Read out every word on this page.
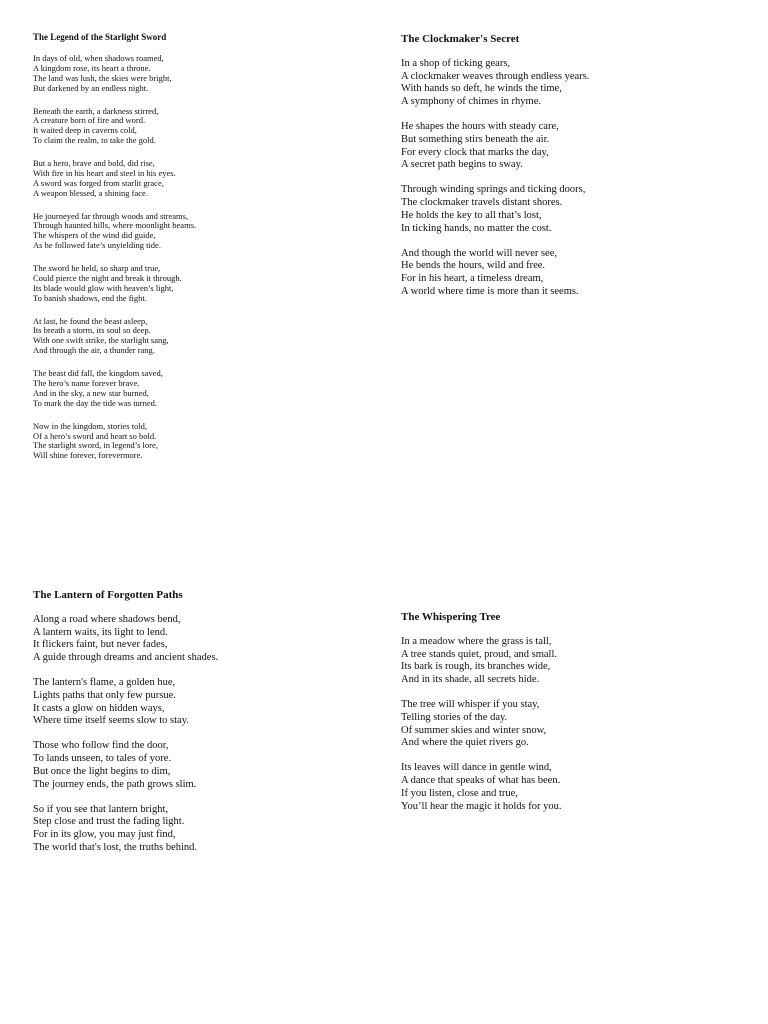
The Legend of the Starlight Sword

In days of old, when shadows roamed,
A kingdom rose, its heart a throne.
The land was lush, the skies were bright,
But darkened by an endless night.

Beneath the earth, a darkness stirred,
A creature born of fire and word.
It waited deep in caverns cold,
To claim the realm, to take the gold.

But a hero, brave and bold, did rise,
With fire in his heart and steel in his eyes.
A sword was forged from starlit grace,
A weapon blessed, a shining face.

He journeyed far through woods and streams,
Through haunted hills, where moonlight beams.
The whispers of the wind did guide,
As he followed fate’s unyielding tide.

The sword he held, so sharp and true,
Could pierce the night and break it through.
Its blade would glow with heaven’s light,
To banish shadows, end the fight.

At last, he found the beast asleep,
Its breath a storm, its soul so deep.
With one swift strike, the starlight sang,
And through the air, a thunder rang.

The beast did fall, the kingdom saved,
The hero’s name forever brave.
And in the sky, a new star burned,
To mark the day the tide was turned.

Now in the kingdom, stories told,
Of a hero’s sword and heart so bold.
The starlight sword, in legend’s lore,
Will shine forever, forevermore.

The Clockmaker's Secret

In a shop of ticking gears,
A clockmaker weaves through endless years.
With hands so deft, he winds the time,
A symphony of chimes in rhyme.

He shapes the hours with steady care,
But something stirs beneath the air.
For every clock that marks the day,
A secret path begins to sway.

Through winding springs and ticking doors,
The clockmaker travels distant shores.
He holds the key to all that’s lost,
In ticking hands, no matter the cost.

And though the world will never see,
He bends the hours, wild and free.
For in his heart, a timeless dream,
A world where time is more than it seems.

The Lantern of Forgotten Paths

Along a road where shadows bend,
A lantern waits, its light to lend.
It flickers faint, but never fades,
A guide through dreams and ancient shades.

The lantern's flame, a golden hue,
Lights paths that only few pursue.
It casts a glow on hidden ways,
Where time itself seems slow to stay.

Those who follow find the door,
To lands unseen, to tales of yore.
But once the light begins to dim,
The journey ends, the path grows slim.

So if you see that lantern bright,
Step close and trust the fading light.
For in its glow, you may just find,
The world that's lost, the truths behind.

The Whispering Tree

In a meadow where the grass is tall,
A tree stands quiet, proud, and small.
Its bark is rough, its branches wide,
And in its shade, all secrets hide.

The tree will whisper if you stay,
Telling stories of the day.
Of summer skies and winter snow,
And where the quiet rivers go.

Its leaves will dance in gentle wind,
A dance that speaks of what has been.
If you listen, close and true,
You’ll hear the magic it holds for you.
